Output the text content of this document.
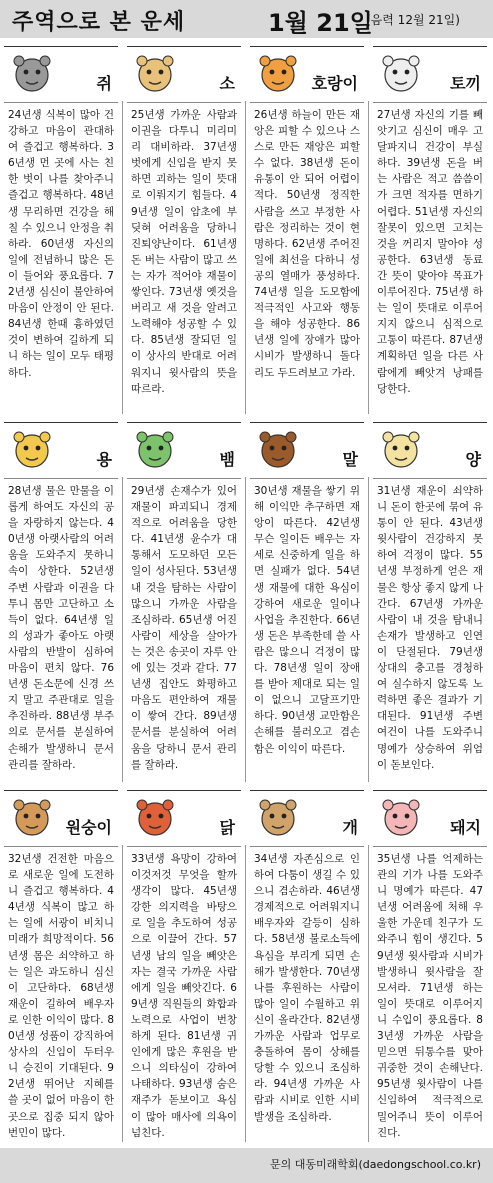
주역으로 본 운세	1월 21일
(음력 12월 21일)
쥐
24년생 식복이 많아 건강하고 마음이 관대하여 즐겁고 행복하다. 36년생 먼 곳에 사는 친한 벗이 나를 찾아주니 즐겁고 행복하다. 48년생 무리하면 건강을 해칠 수 있으니 안정을 취하라. 60년생 자신의 일에 전념하니 많은 돈이 들어와 풍요롭다. 72년생 심신이 불안하여 마음이 안정이 안 된다. 84년생 한때 흉하였던 것이 변하여 길하게 되니 하는 일이 모두 태평하다.
소
25년생 가까운 사람과 이권을 다투니 미리미리 대비하라. 37년생 벗에게 신임을 받지 못하면 괴하는 일이 뜻대로 이뤄지기 힘들다. 49년생 일이 암초에 부딪혀 어려움을 당하니 진퇴양난이다. 61년생 돈 버는 사람이 많고 쓰는 자가 적어야 재물이 쌓인다. 73년생 옛것을 버리고 새 것을 알려고 노력해야 성공할 수 있다. 85년생 잘되던 일이 상사의 반대로 어려워지니 윗사람의 뜻을 따르라.
호랑이
26년생 하늘이 만든 재앙은 피할 수 있으나 스스로 만든 재앙은 피할 수 없다. 38년생 돈이 유통이 안 되어 어렵이 적다. 50년생 정직한 사람을 쓰고 부정한 사람은 정리하는 것이 현명하다. 62년생 주어진 일에 최선을 다하니 성공의 열매가 풍성하다. 74년생 일을 도모함에 적극적인 사고와 행동을 해야 성공한다. 86년생 일에 장애가 많아 시비가 발생하니 돌다리도 두드려보고 가라.
토끼
27년생 자신의 기를 빼앗기고 심신이 매우 고달파지니 건강이 부실하다. 39년생 돈을 버는 사람은 적고 씀씀이가 크면 적자를 면하기 어렵다. 51년생 자신의 잘못이 있으면 고치는 것을 꺼리지 말아야 성공한다. 63년생 동료 간 뜻이 맞아야 목표가 이루어진다. 75년생 하는 일이 뜻대로 이루어지지 않으니 심적으로 고통이 따른다. 87년생 계획하던 일을 다른 사람에게 빼앗겨 낭패를 당한다.
용
28년생 물은 만물을 이롭게 하여도 자신의 공을 자랑하지 않는다. 40년생 아랫사람의 어려움을 도와주지 못하니 속이 상한다. 52년생 주변 사람과 이권을 다투니 몸만 고단하고 소득이 없다. 64년생 일의 성과가 좋아도 아랫사람의 반발이 심하여 마음이 편치 않다. 76년생 돈소문에 신경 쓰지 말고 주관대로 일을 추진하라. 88년생 부주의로 문서를 분실하여 손해가 발생하니 문서 관리를 잘하라.
뱀
29년생 손재수가 있어 재물이 파괴되니 경제적으로 어려움을 당한다. 41년생 윤수가 대통해서 도모하던 모든 일이 성사된다. 53년생 내 것을 탐하는 사람이 많으니 가까운 사람을 조심하라. 65년생 어진 사람이 세상을 살아가는 것은 송곳이 자루 안에 있는 것과 같다. 77년생 집안도 화평하고 마음도 편안하여 재물이 쌓여 간다. 89년생 문서를 분실하여 어려움을 당하니 문서 관리를 잘하라.
말
30년생 재물을 쌓기 위해 이익만 추구하면 재앙이 따른다. 42년생 무슨 일이든 배우는 자세로 신중하게 일을 하면 실패가 없다. 54년생 재물에 대한 욕심이 강하여 새로운 일이나 사업을 추진한다. 66년생 돈은 부족한데 쓸 사람은 많으니 걱정이 많다. 78년생 일이 장애를 받아 제대로 되는 일이 없으니 고달프기만 하다. 90년생 교만함은 손해를 불러오고 겸손함은 이익이 따른다.
양
31년생 재운이 쇠약하니 돈이 한곳에 묶여 유통이 안 된다. 43년생 윗사람이 건강하지 못하여 걱정이 많다. 55년생 부정하게 얻은 재물은 항상 좋지 않게 나간다. 67년생 가까운 사람이 내 것을 탐내니 손재가 발생하고 인연이 단절된다. 79년생 상대의 충고를 경청하여 실수하지 않도록 노력하면 좋은 결과가 기대된다. 91년생 주변 여건이 나를 도와주니 명예가 상승하여 위엄이 돋보인다.
원숭이
32년생 건전한 마음으로 새로운 일에 도전하니 즐겁고 행복하다. 44년생 식복이 많고 하는 일에 서광이 비치니 미래가 희망적이다. 56년생 몸은 쇠약하고 하는 일은 과도하니 심신이 고단하다. 68년생 재운이 길하여 배우자로 인한 이익이 많다. 80년생 성품이 강직하여 상사의 신임이 두터우니 승진이 기대된다. 92년생 뛰어난 지혜를 쓸 곳이 없어 마음이 한곳으로 집중 되지 않아 번민이 많다.
닭
33년생 욕망이 강하여 이것저것 무엇을 할까 생각이 많다. 45년생 강한 의지력을 바탕으로 일을 추도하여 성공으로 이끌어 간다. 57년생 남의 일을 빼앗은 자는 결국 가까운 사람에게 일을 빼앗긴다. 69년생 직원들의 화합과 노력으로 사업이 번창하게 된다. 81년생 귀인에게 많은 후원을 받으니 의타심이 강하여 나태하다. 93년생 숨은 재주가 돋보이고 욕심이 많아 매사에 의욕이 넘친다.
개
34년생 자존심으로 인하여 다툼이 생길 수 있으니 겸손하라. 46년생 경제적으로 어려워지니 배우자와 갈등이 심하다. 58년생 불로소득에 욕심을 부리게 되면 손해가 발생한다. 70년생 나를 후원하는 사람이 많아 일이 수월하고 위신이 올라간다. 82년생 가까운 사람과 업무로 충돌하여 몸이 상해를 당할 수 있으니 조심하라. 94년생 가까운 사람과 시비로 인한 시비 발생을 조심하라.
돼지
35년생 나를 억제하는 관의 기가 나를 도와주니 명예가 따른다. 47년생 어려움에 처해 우울한 가운데 친구가 도와주니 힘이 생긴다. 59년생 윗사람과 시비가 발생하니 윗사람을 잘 모셔라. 71년생 하는 일이 뜻대로 이루어지니 수입이 풍요롭다. 83년생 가까운 사람을 믿으면 뒤통수를 맞아 귀중한 것이 손해난다. 95년생 윗사람이 나를 신임하여 적극적으로 밀어주니 뜻이 이루어진다.
문의 대동미래학회(daedongschool.co.kr)
